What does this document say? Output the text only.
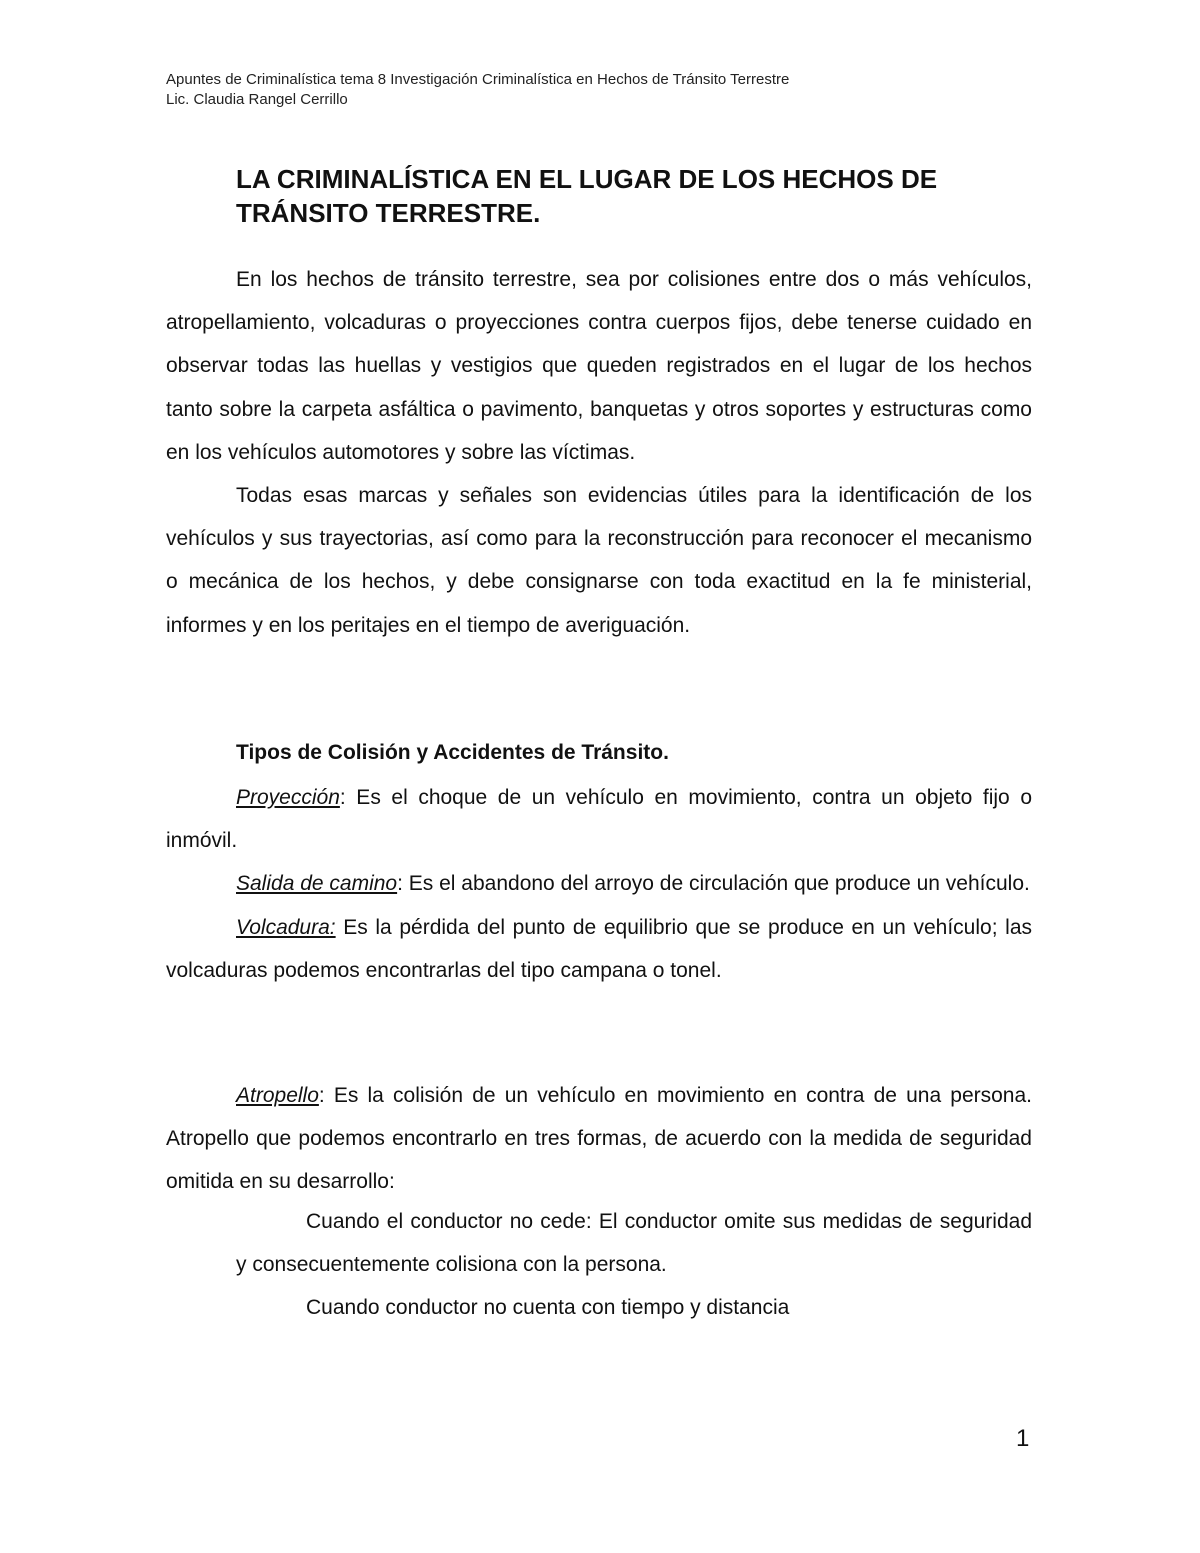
Apuntes de Criminalística tema 8 Investigación Criminalística en Hechos de Tránsito Terrestre
Lic. Claudia Rangel Cerrillo
LA CRIMINALÍSTICA EN EL LUGAR DE LOS HECHOS DE
TRÁNSITO TERRESTRE.

En los hechos de tránsito terrestre, sea por colisiones entre dos o más vehículos, atropellamiento, volcaduras o proyecciones contra cuerpos fijos, debe tenerse cuidado en observar todas las huellas y vestigios que queden registrados en el lugar de los hechos tanto sobre la carpeta asfáltica o pavimento, banquetas y otros soportes y estructuras como en los vehículos automotores y sobre las víctimas.

Todas esas marcas y señales son evidencias útiles para la identificación de los vehículos y sus trayectorias, así como para la reconstrucción para reconocer el mecanismo o mecánica de los hechos, y debe consignarse con toda exactitud en la fe ministerial, informes y en los peritajes en el tiempo de averiguación.

Tipos de Colisión y Accidentes de Tránsito.

Proyección: Es el choque de un vehículo en movimiento, contra un objeto fijo o inmóvil.

Salida de camino: Es el abandono del arroyo de circulación que produce un vehículo.

Volcadura: Es la pérdida del punto de equilibrio que se produce en un vehículo; las volcaduras podemos encontrarlas del tipo campana o tonel.

Atropello: Es la colisión de un vehículo en movimiento en contra de una persona. Atropello que podemos encontrarlo en tres formas, de acuerdo con la medida de seguridad omitida en su desarrollo:

Cuando el conductor no cede: El conductor omite sus medidas de seguridad y consecuentemente colisiona con la persona.

Cuando conductor no cuenta con tiempo y distancia

1
